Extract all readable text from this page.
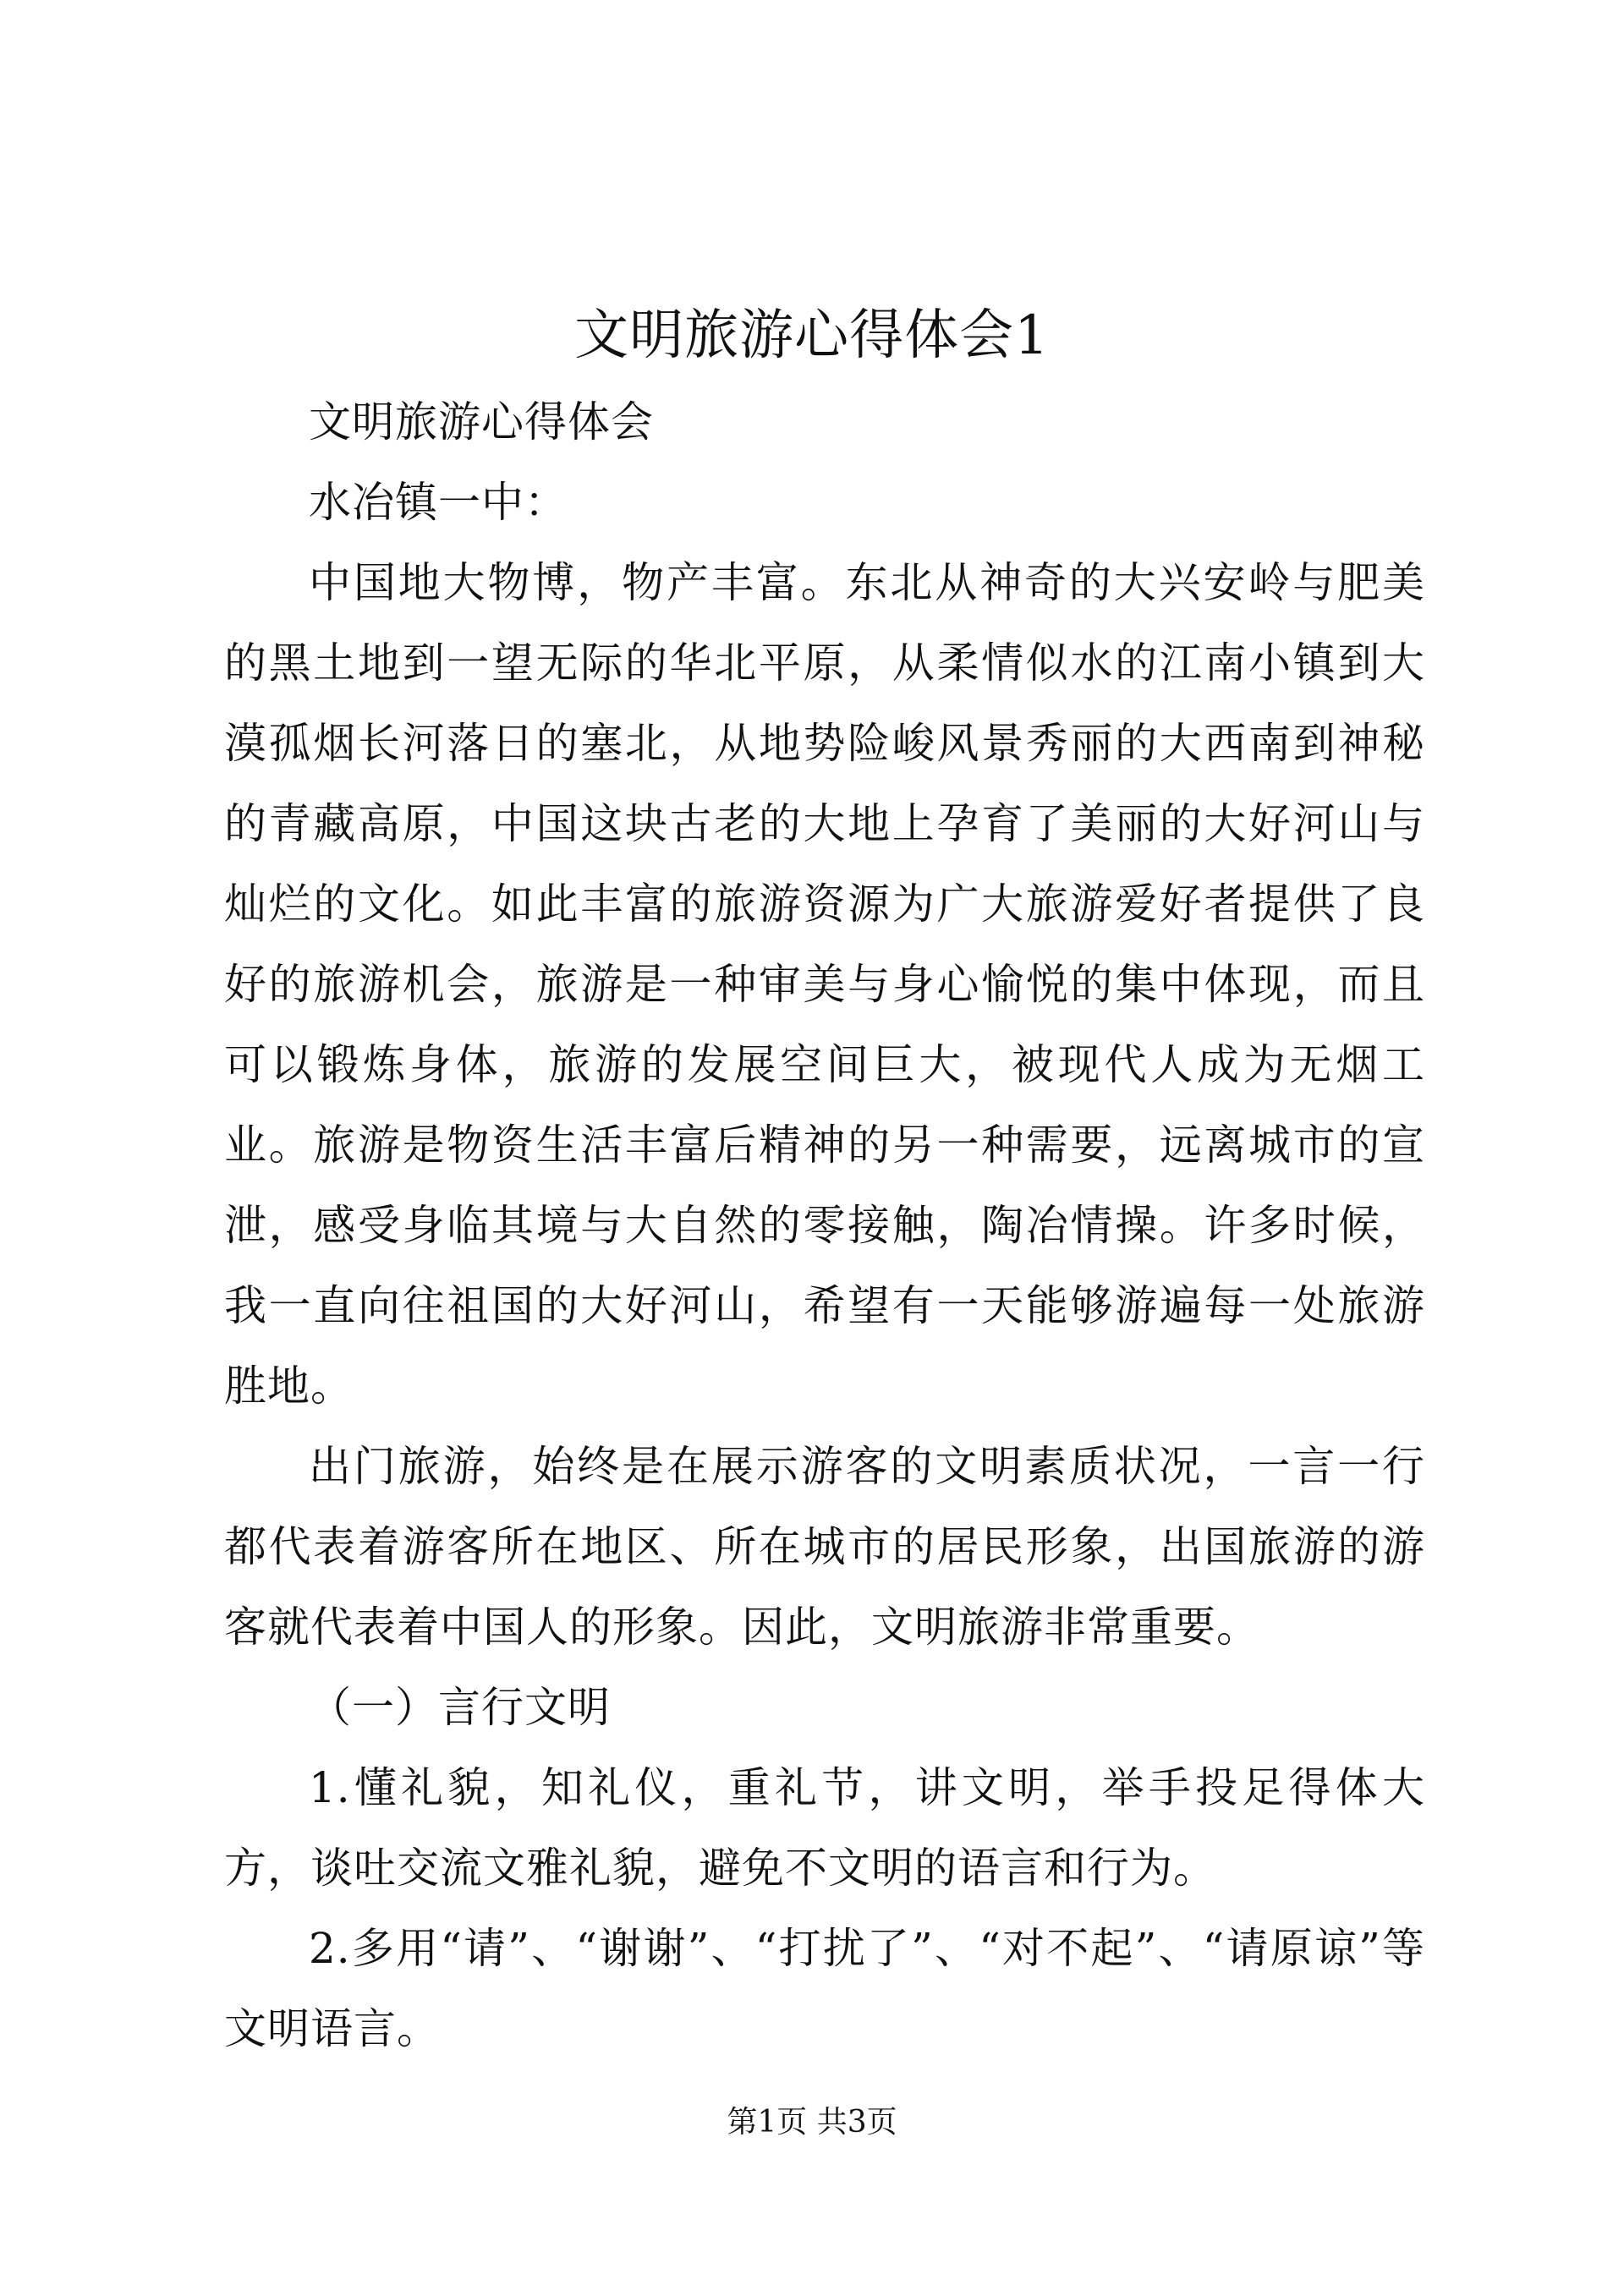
文明旅游心得体会1

文明旅游心得体会

水冶镇一中：

中国地大物博，物产丰富。东北从神奇的大兴安岭与肥美的黑土地到一望无际的华北平原，从柔情似水的江南小镇到大漠孤烟长河落日的塞北，从地势险峻风景秀丽的大西南到神秘的青藏高原，中国这块古老的大地上孕育了美丽的大好河山与灿烂的文化。如此丰富的旅游资源为广大旅游爱好者提供了良好的旅游机会，旅游是一种审美与身心愉悦的集中体现，而且可以锻炼身体，旅游的发展空间巨大，被现代人成为无烟工业。旅游是物资生活丰富后精神的另一种需要，远离城市的宣泄，感受身临其境与大自然的零接触，陶冶情操。许多时候，我一直向往祖国的大好河山，希望有一天能够游遍每一处旅游胜地。

出门旅游，始终是在展示游客的文明素质状况，一言一行都代表着游客所在地区、所在城市的居民形象，出国旅游的游客就代表着中国人的形象。因此，文明旅游非常重要。

（一）言行文明

1.懂礼貌，知礼仪，重礼节，讲文明，举手投足得体大方，谈吐交流文雅礼貌，避免不文明的语言和行为。

2.多用“请”、“谢谢”、“打扰了”、“对不起”、“请原谅”等文明语言。

第1页 共3页
